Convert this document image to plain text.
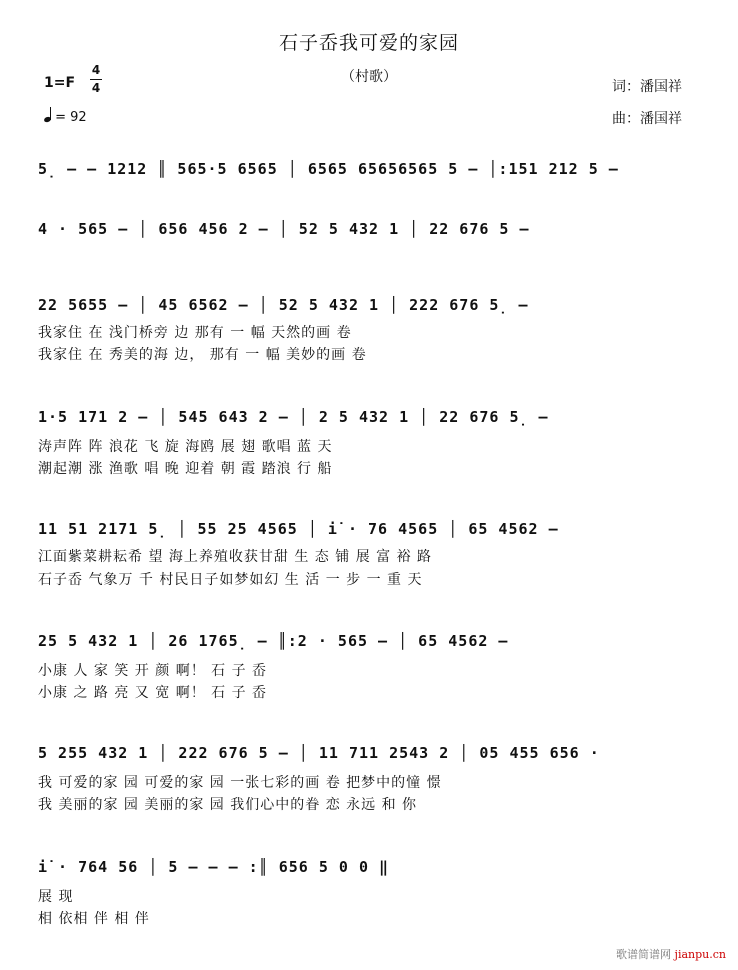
石子岙我可爱的家园
（村歌）
词：潘国祥
曲：潘国祥
1=F
4
4
= 92
5̣ – – 1212 ║ 565·5 6565 │ 6565 65656565 5 – │:151 212 5 –
4 · 565 – │ 656 456 2 – │ 52 5 432 1 │ 22 676 5 –
22 5655 – │ 45 6562 – │ 52 5 432 1 │ 222 676 5̣ –
我家住 在 浅门桥旁 边 那有 一 幅 天然的画 卷
我家住 在 秀美的海 边， 那有 一 幅 美妙的画 卷
1·5 171 2 – │ 545 643 2 – │ 2 5 432 1 │ 22 676 5̣ –
涛声阵 阵 浪花 飞 旋 海鸥 展 翅 歌唱 蓝 天
潮起潮 涨 渔歌 唱 晚 迎着 朝 霞 踏浪 行 船
11 51 2171 5̣ │ 55 25 4565 │ i̇ · 76 4565 │ 65 4562 –
江面紫菜耕耘希 望 海上养殖收获甘甜 生 态 铺 展 富 裕 路
石子岙 气象万 千 村民日子如梦如幻 生 活 一 步 一 重 天
25 5 432 1 │ 26 1765̣ – ║:2 · 565 – │ 65 4562 –
小康 人 家 笑 开 颜 啊！ 石 子 岙
小康 之 路 亮 又 宽 啊！ 石 子 岙
5 255 432 1 │ 222 676 5 – │ 11 711 2543 2 │ 05 455 656 ·
我 可爱的家 园 可爱的家 园 一张七彩的画 卷 把梦中的憧 憬
我 美丽的家 园 美丽的家 园 我们心中的眷 恋 永远 和 你
i̇ · 764 56 │ 5 – – – :║ 656 5 0 0 ‖
展 现
相 依相 伴 相 伴
歌谱简谱网 jianpu.cn
